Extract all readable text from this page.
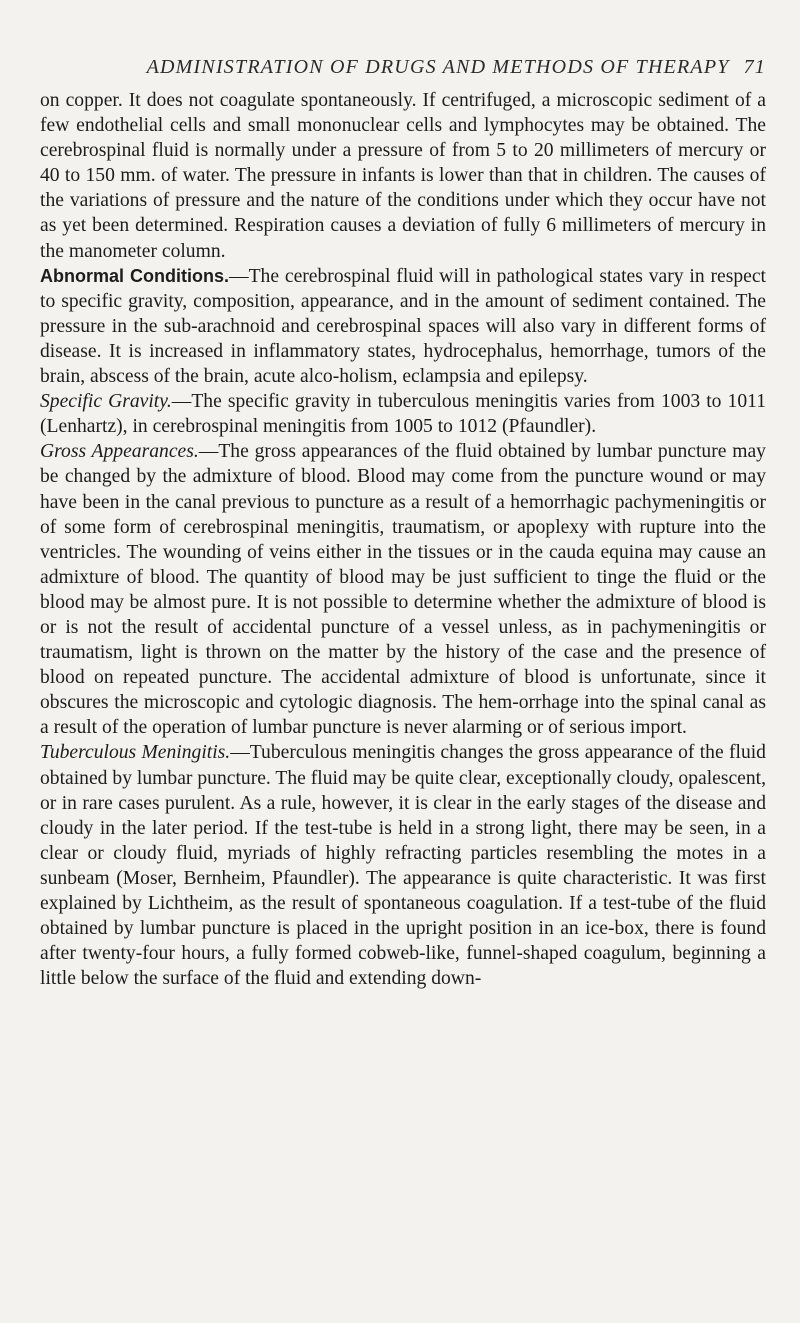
ADMINISTRATION OF DRUGS AND METHODS OF THERAPY 71

on copper. It does not coagulate spontaneously. If centrifuged, a microscopic sediment of a few endothelial cells and small mononuclear cells and lymphocytes may be obtained. The cerebrospinal fluid is normally under a pressure of from 5 to 20 millimeters of mercury or 40 to 150 mm. of water. The pressure in infants is lower than that in children. The causes of the variations of pressure and the nature of the conditions under which they occur have not as yet been determined. Respiration causes a deviation of fully 6 millimeters of mercury in the manometer column.

Abnormal Conditions.—The cerebrospinal fluid will in pathological states vary in respect to specific gravity, composition, appearance, and in the amount of sediment contained. The pressure in the sub-arachnoid and cerebrospinal spaces will also vary in different forms of disease. It is increased in inflammatory states, hydrocephalus, hemorrhage, tumors of the brain, abscess of the brain, acute alco-holism, eclampsia and epilepsy.

Specific Gravity.—The specific gravity in tuberculous meningitis varies from 1003 to 1011 (Lenhartz), in cerebrospinal meningitis from 1005 to 1012 (Pfaundler).

Gross Appearances.—The gross appearances of the fluid obtained by lumbar puncture may be changed by the admixture of blood. Blood may come from the puncture wound or may have been in the canal previous to puncture as a result of a hemorrhagic pachymeningitis or of some form of cerebrospinal meningitis, traumatism, or apoplexy with rupture into the ventricles. The wounding of veins either in the tissues or in the cauda equina may cause an admixture of blood. The quantity of blood may be just sufficient to tinge the fluid or the blood may be almost pure. It is not possible to determine whether the admixture of blood is or is not the result of accidental puncture of a vessel unless, as in pachymeningitis or traumatism, light is thrown on the matter by the history of the case and the presence of blood on repeated puncture. The accidental admixture of blood is unfortunate, since it obscures the microscopic and cytologic diagnosis. The hem-orrhage into the spinal canal as a result of the operation of lumbar puncture is never alarming or of serious import.

Tuberculous Meningitis.—Tuberculous meningitis changes the gross appearance of the fluid obtained by lumbar puncture. The fluid may be quite clear, exceptionally cloudy, opalescent, or in rare cases purulent. As a rule, however, it is clear in the early stages of the disease and cloudy in the later period. If the test-tube is held in a strong light, there may be seen, in a clear or cloudy fluid, myriads of highly refracting particles resembling the motes in a sunbeam (Moser, Bernheim, Pfaundler). The appearance is quite characteristic. It was first explained by Lichtheim, as the result of spontaneous coagulation. If a test-tube of the fluid obtained by lumbar puncture is placed in the upright position in an ice-box, there is found after twenty-four hours, a fully formed cobweb-like, funnel-shaped coagulum, beginning a little below the surface of the fluid and extending down-
